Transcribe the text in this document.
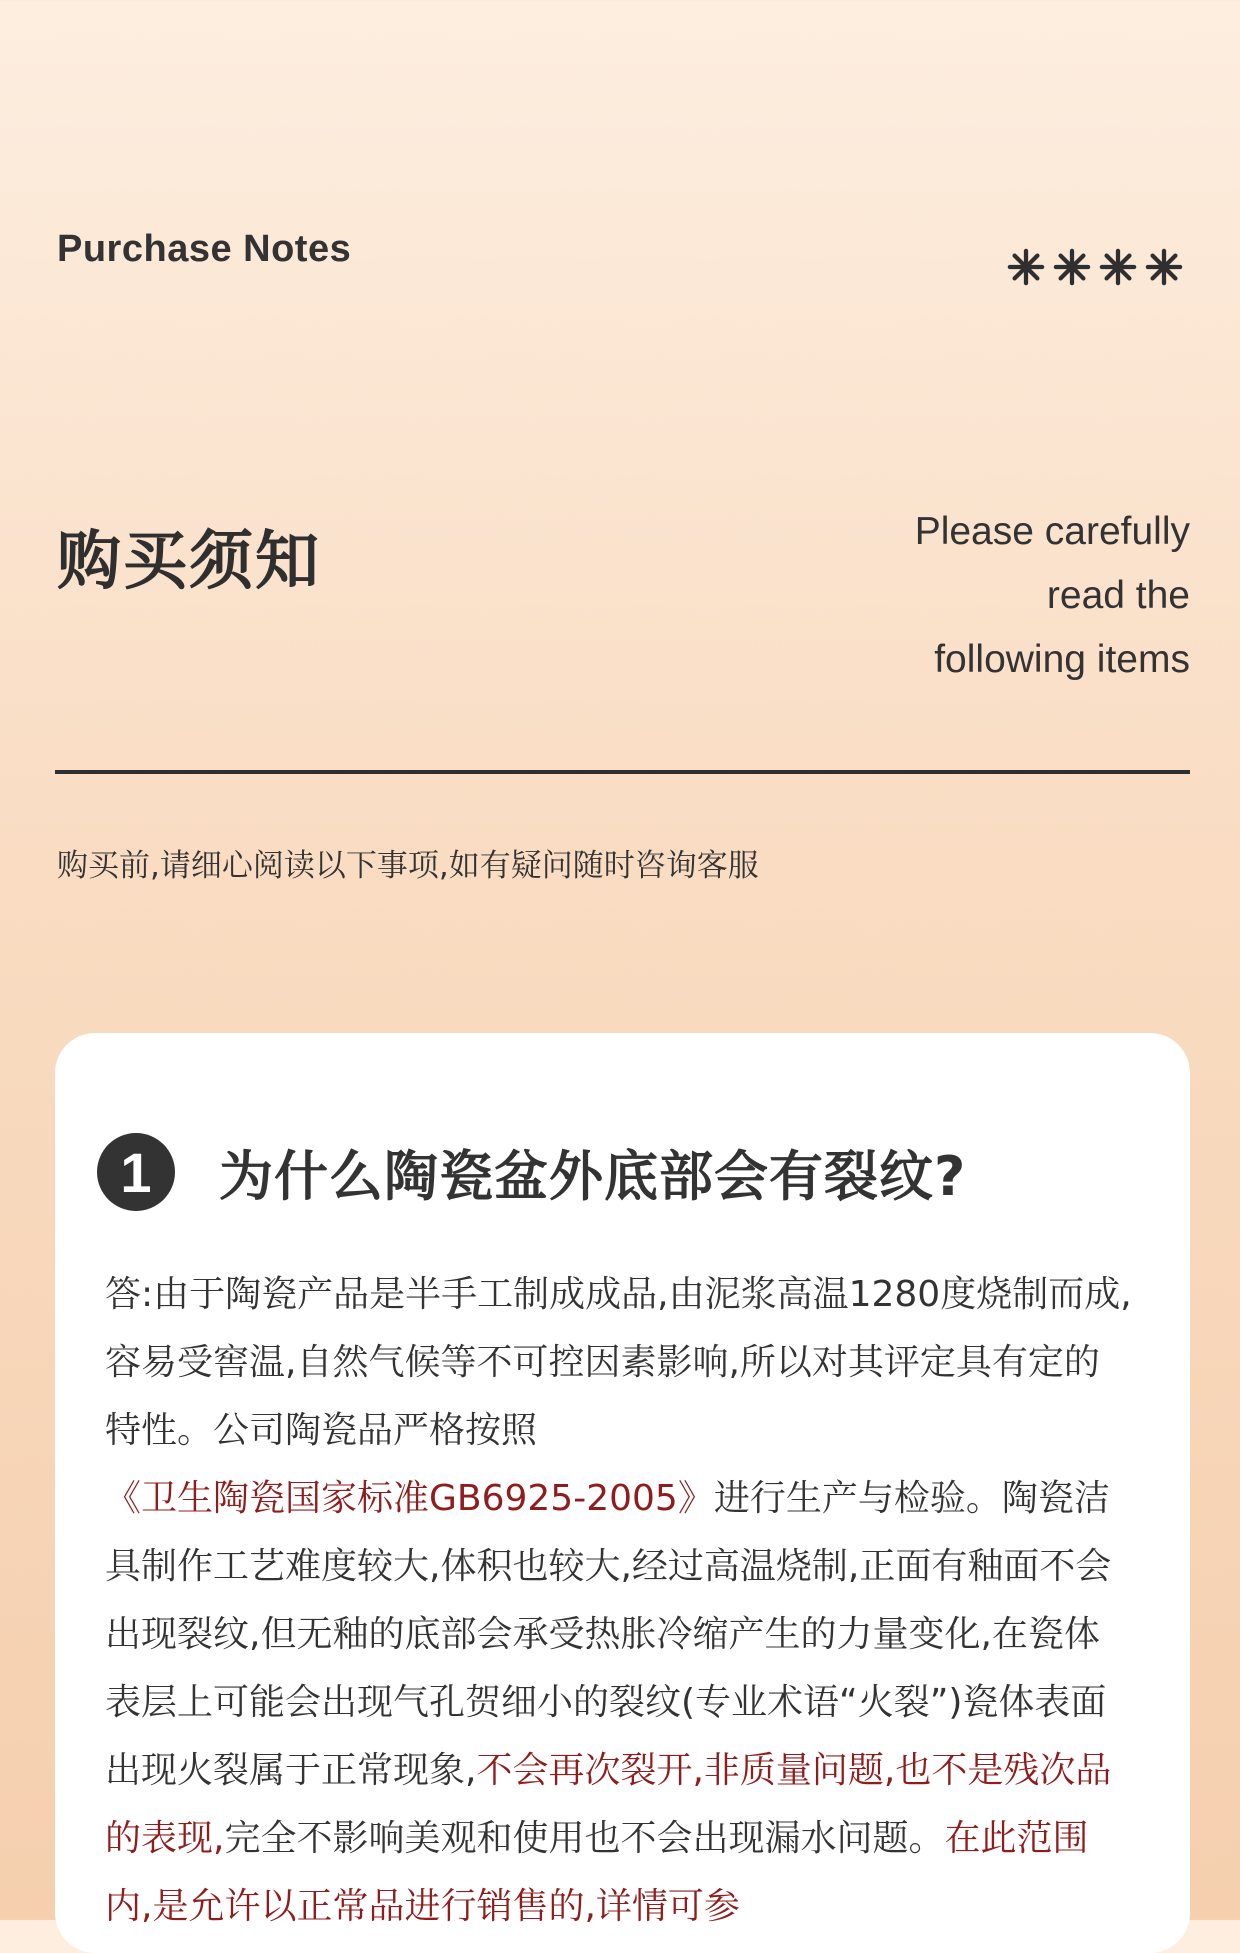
Purchase Notes
购买须知	Please carefully
read the
following items
购买前,请细心阅读以下事项,如有疑问随时咨询客服
1	为什么陶瓷盆外底部会有裂纹?
答:由于陶瓷产品是半手工制成成品,由泥浆高温1280度烧制而成,容易受窖温,自然气候等不可控因素影响,所以对其评定具有定的特性。公司陶瓷品严格按照《卫生陶瓷国家标准GB6925-2005》进行生产与检验。陶瓷洁具制作工艺难度较大,体积也较大,经过高温烧制,正面有釉面不会出现裂纹,但无釉的底部会承受热胀冷缩产生的力量变化,在瓷体表层上可能会出现气孔贺细小的裂纹(专业术语“火裂”)瓷体表面出现火裂属于正常现象,不会再次裂开,非质量问题,也不是残次品的表现,完全不影响美观和使用也不会出现漏水问题。在此范围内,是允许以正常品进行销售的,详情可参
